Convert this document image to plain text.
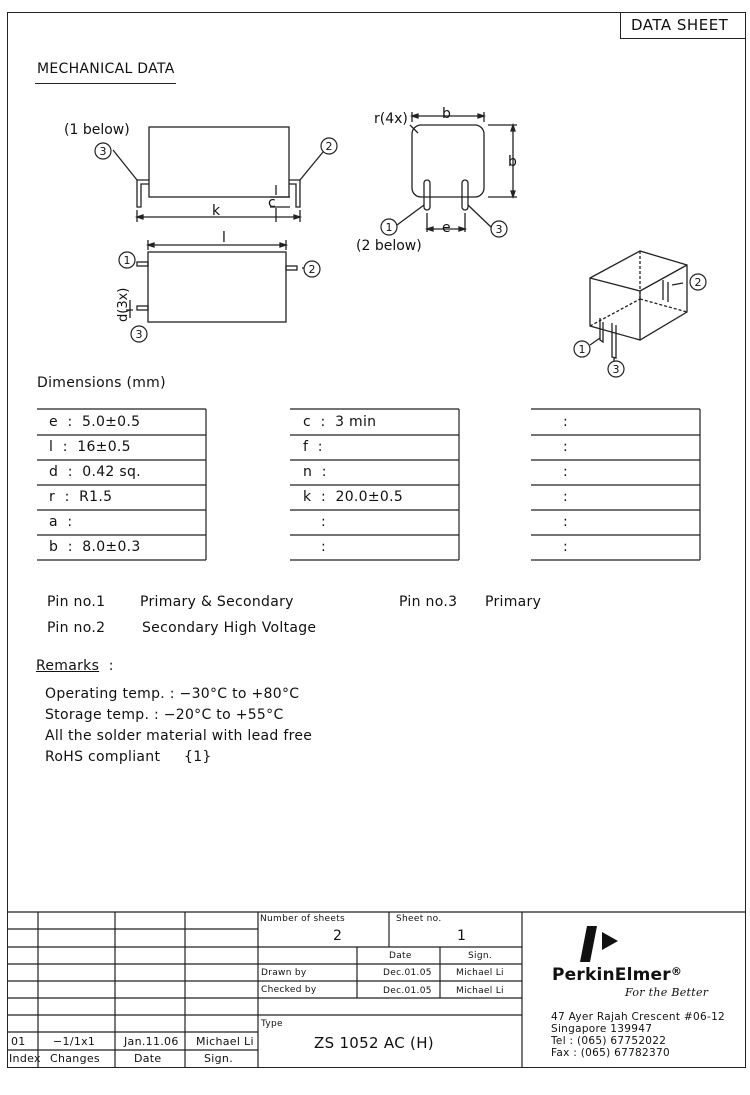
DATA SHEET
MECHANICAL DATA
3	2
1
2
3
1	3
2
1
3
(1 below)
(2 below)
k	c
l
r(4x) b
b
e
d(3x)
Dimensions (mm)
e : 5.0±0.5
l : 16±0.5
d : 0.42 sq.
r : R1.5
a :
b : 8.0±0.3
c : 3 min
f :
n :
k : 20.0±0.5
:
:
:
:
:
:
:
:
Pin no.1 Primary & Secondary	Pin no.3 Primary
Pin no.2	Secondary High Voltage
Remarks :
Operating temp. : −30°C to +80°C
Storage temp. : −20°C to +55°C
All the solder material with lead free
RoHS compliant     {1}
Number of sheets
2
Sheet no.
1
Date	Sign.
Drawn by	Dec.01.05	Michael Li
Checked by	Dec.01.05	Michael Li
Type
ZS 1052 AC (H)
01 −1/1x1	Jan.11.06 Michael Li
Index Changes	Date	Sign.
PerkinElmer®
For the Better
47 Ayer Rajah Crescent #06-12
Singapore 139947
Tel : (065) 67752022
Fax : (065) 67782370
